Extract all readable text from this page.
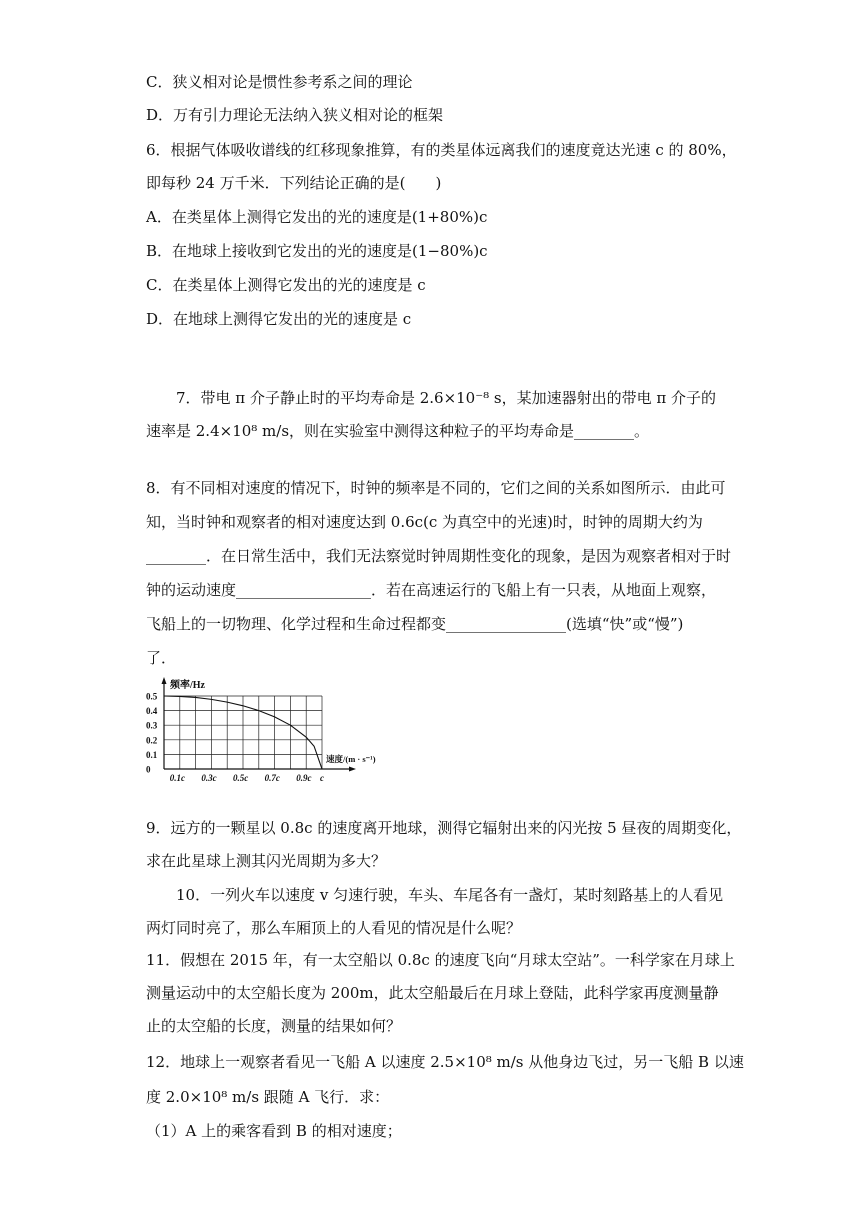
C．狭义相对论是惯性参考系之间的理论
D．万有引力理论无法纳入狭义相对论的框架
6．根据气体吸收谱线的红移现象推算，有的类星体远离我们的速度竟达光速 c 的 80%，
即每秒 24 万千米．下列结论正确的是(　　)
A．在类星体上测得它发出的光的速度是(1+80%)c
B．在地球上接收到它发出的光的速度是(1−80%)c
C．在类星体上测得它发出的光的速度是 c
D．在地球上测得它发出的光的速度是 c
7．带电 π 介子静止时的平均寿命是 2.6×10⁻⁸ s，某加速器射出的带电 π 介子的
速率是 2.4×10⁸ m/s，则在实验室中测得这种粒子的平均寿命是________。
8．有不同相对速度的情况下，时钟的频率是不同的，它们之间的关系如图所示．由此可
知，当时钟和观察者的相对速度达到 0.6c(c 为真空中的光速)时，时钟的周期大约为
________．在日常生活中，我们无法察觉时钟周期性变化的现象，是因为观察者相对于时
钟的运动速度__________________．若在高速运行的飞船上有一只表，从地面上观察，
飞船上的一切物理、化学过程和生命过程都变________________(选填“快”或“慢”)
了．
频率/Hz
速度/(m · s⁻¹)
0.5
0.4
0.3
0.2
0.1
0
0.1c 0.3c 0.5c 0.7c 0.9c c
9．远方的一颗星以 0.8c 的速度离开地球，测得它辐射出来的闪光按 5 昼夜的周期变化，
求在此星球上测其闪光周期为多大？
10．一列火车以速度 v 匀速行驶，车头、车尾各有一盏灯，某时刻路基上的人看见
两灯同时亮了，那么车厢顶上的人看见的情况是什么呢？
11．假想在 2015 年，有一太空船以 0.8c 的速度飞向“月球太空站”。一科学家在月球上
测量运动中的太空船长度为 200m，此太空船最后在月球上登陆，此科学家再度测量静
止的太空船的长度，测量的结果如何？
12．地球上一观察者看见一飞船 A 以速度 2.5×10⁸ m/s 从他身边飞过，另一飞船 B 以速
度 2.0×10⁸ m/s 跟随 A 飞行．求：
（1）A 上的乘客看到 B 的相对速度；
